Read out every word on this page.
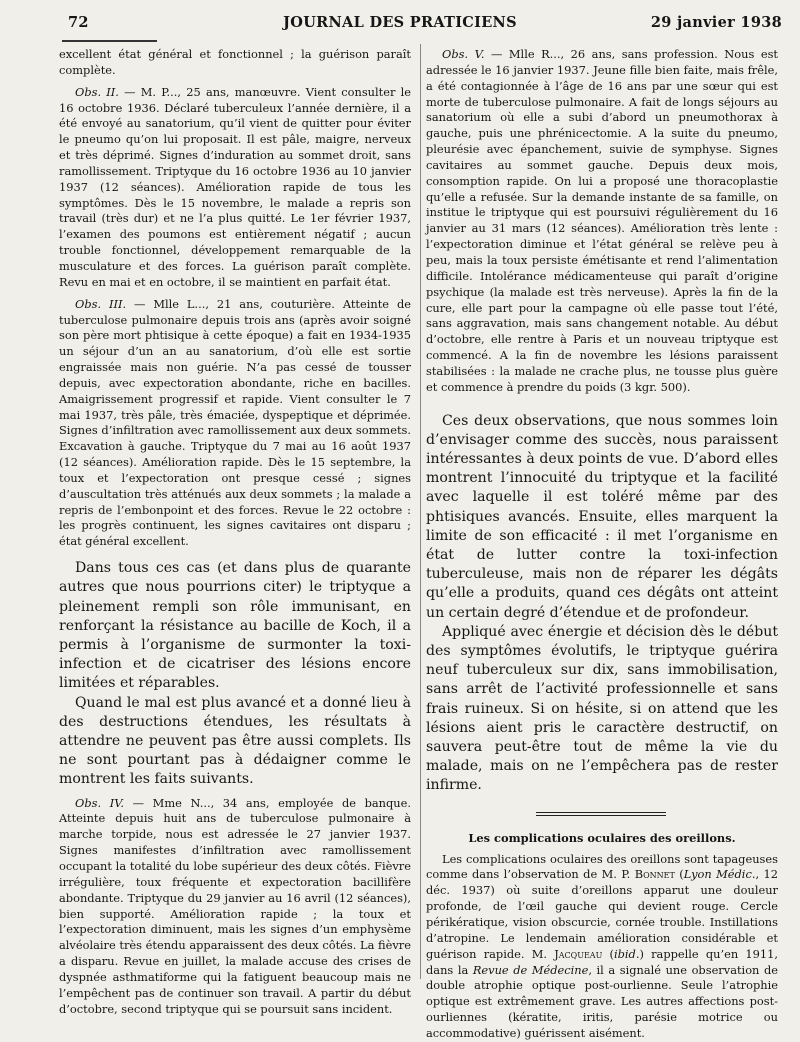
72	JOURNAL DES PRATICIENS	29 janvier 1938

excellent état général et fonctionnel ; la guérison paraît complète.

Obs. II. — M. P..., 25 ans, manœuvre. Vient consulter le 16 octobre 1936. Déclaré tuberculeux l’année dernière, il a été envoyé au sanatorium, qu’il vient de quitter pour éviter le pneumo qu’on lui proposait. Il est pâle, maigre, nerveux et très déprimé. Signes d’induration au sommet droit, sans ramollissement. Triptyque du 16 octobre 1936 au 10 janvier 1937 (12 séances). Amélioration rapide de tous les symptômes. Dès le 15 novembre, le malade a repris son travail (très dur) et ne l’a plus quitté. Le 1er février 1937, l’examen des poumons est entièrement négatif ; aucun trouble fonctionnel, développement remarquable de la musculature et des forces. La guérison paraît complète. Revu en mai et en octobre, il se maintient en parfait état.

Obs. III. — Mlle L..., 21 ans, couturière. Atteinte de tuberculose pulmonaire depuis trois ans (après avoir soigné son père mort phtisique à cette époque) a fait en 1934-1935 un séjour d’un an au sanatorium, d’où elle est sortie engraissée mais non guérie. N’a pas cessé de tousser depuis, avec expectoration abondante, riche en bacilles. Amaigrissement progressif et rapide. Vient consulter le 7 mai 1937, très pâle, très émaciée, dyspeptique et déprimée. Signes d’infiltration avec ramollissement aux deux sommets. Excavation à gauche. Triptyque du 7 mai au 16 août 1937 (12 séances). Amélioration rapide. Dès le 15 septembre, la toux et l’expectoration ont presque cessé ; signes d’auscultation très atténués aux deux sommets ; la malade a repris de l’embonpoint et des forces. Revue le 22 octobre : les progrès continuent, les signes cavitaires ont disparu ; état général excellent.

Dans tous ces cas (et dans plus de quarante autres que nous pourrions citer) le triptyque a pleinement rempli son rôle immunisant, en renforçant la résistance au bacille de Koch, il a permis à l’organisme de surmonter la toxi-infection et de cicatriser des lésions encore limitées et réparables.

Quand le mal est plus avancé et a donné lieu à des destructions étendues, les résultats à attendre ne peuvent pas être aussi complets. Ils ne sont pourtant pas à dédaigner comme le montrent les faits suivants.

Obs. IV. — Mme N..., 34 ans, employée de banque. Atteinte depuis huit ans de tuberculose pulmonaire à marche torpide, nous est adressée le 27 janvier 1937. Signes manifestes d’infiltration avec ramollissement occupant la totalité du lobe supérieur des deux côtés. Fièvre irrégulière, toux fréquente et expectoration bacillifère abondante. Triptyque du 29 janvier au 16 avril (12 séances), bien supporté. Amélioration rapide ; la toux et l’expectoration diminuent, mais les signes d’un emphysème alvéolaire très étendu apparaissent des deux côtés. La fièvre a disparu. Revue en juillet, la malade accuse des crises de dyspnée asthmatiforme qui la fatiguent beaucoup mais ne l’empêchent pas de continuer son travail. A partir du début d’octobre, second triptyque qui se poursuit sans incident.

Obs. V. — Mlle R..., 26 ans, sans profession. Nous est adressée le 16 janvier 1937. Jeune fille bien faite, mais frêle, a été contagionnée à l’âge de 16 ans par une sœur qui est morte de tuberculose pulmonaire. A fait de longs séjours au sanatorium où elle a subi d’abord un pneumothorax à gauche, puis une phrénicectomie. A la suite du pneumo, pleurésie avec épanchement, suivie de symphyse. Signes cavitaires au sommet gauche. Depuis deux mois, consomption rapide. On lui a proposé une thoracoplastie qu’elle a refusée. Sur la demande instante de sa famille, on institue le triptyque qui est poursuivi régulièrement du 16 janvier au 31 mars (12 séances). Amélioration très lente : l’expectoration diminue et l’état général se relève peu à peu, mais la toux persiste émétisante et rend l’alimentation difficile. Intolérance médicamenteuse qui paraît d’origine psychique (la malade est très nerveuse). Après la fin de la cure, elle part pour la campagne où elle passe tout l’été, sans aggravation, mais sans changement notable. Au début d’octobre, elle rentre à Paris et un nouveau triptyque est commencé. A la fin de novembre les lésions paraissent stabilisées : la malade ne crache plus, ne tousse plus guère et commence à prendre du poids (3 kgr. 500).

Ces deux observations, que nous sommes loin d’envisager comme des succès, nous paraissent intéressantes à deux points de vue. D’abord elles montrent l’innocuité du triptyque et la facilité avec laquelle il est toléré même par des phtisiques avancés. Ensuite, elles marquent la limite de son efficacité : il met l’organisme en état de lutter contre la toxi-infection tuberculeuse, mais non de réparer les dégâts qu’elle a produits, quand ces dégâts ont atteint un certain degré d’étendue et de profondeur.

Appliqué avec énergie et décision dès le début des symptômes évolutifs, le triptyque guérira neuf tuberculeux sur dix, sans immobilisation, sans arrêt de l’activité professionnelle et sans frais ruineux. Si on hésite, si on attend que les lésions aient pris le caractère destructif, on sauvera peut-être tout de même la vie du malade, mais on ne l’empêchera pas de rester infirme.

Les complications oculaires des oreillons.

Les complications oculaires des oreillons sont tapageuses comme dans l’observation de M. P. Bonnet (Lyon Médic., 12 déc. 1937) où suite d’oreillons apparut une douleur profonde, de l’œil gauche qui devient rouge. Cercle périkératique, vision obscurcie, cornée trouble. Instillations d’atropine. Le lendemain amélioration considérable et guérison rapide. M. Jacqueau (ibid.) rappelle qu’en 1911, dans la Revue de Médecine, il a signalé une observation de double atrophie optique post-ourlienne. Seule l’atrophie optique est extrêmement grave. Les autres affections post-ourliennes (kératite, iritis, parésie motrice ou accommodative) guérissent aisément.
